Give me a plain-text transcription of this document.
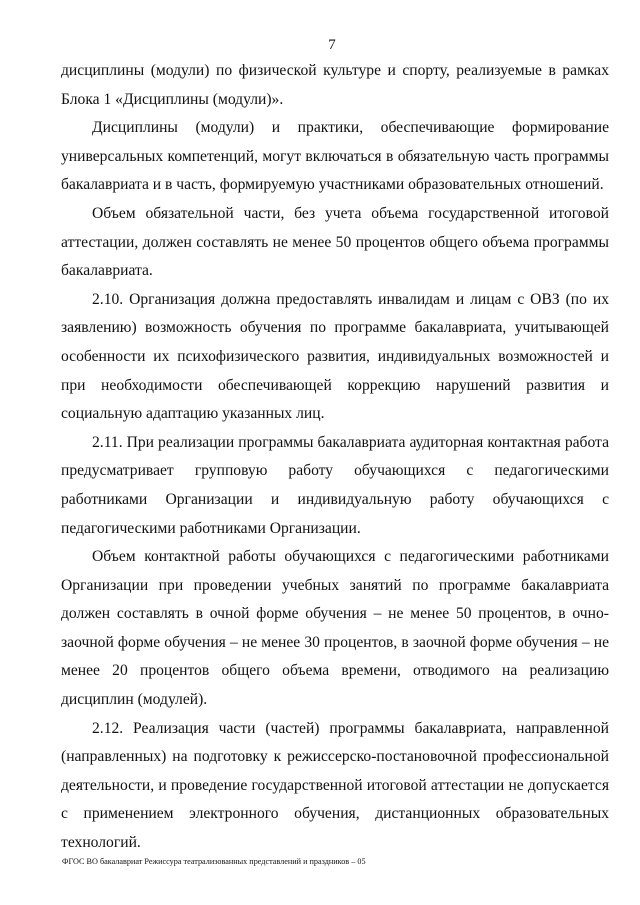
7

дисциплины (модули) по физической культуре и спорту, реализуемые в рамках Блока 1 «Дисциплины (модули)».

Дисциплины (модули) и практики, обеспечивающие формирование универсальных компетенций, могут включаться в обязательную часть программы бакалавриата и в часть, формируемую участниками образовательных отношений.

Объем обязательной части, без учета объема государственной итоговой аттестации, должен составлять не менее 50 процентов общего объема программы бакалавриата.

2.10. Организация должна предоставлять инвалидам и лицам с ОВЗ (по их заявлению) возможность обучения по программе бакалавриата, учитывающей особенности их психофизического развития, индивидуальных возможностей и при необходимости обеспечивающей коррекцию нарушений развития и социальную адаптацию указанных лиц.

2.11. При реализации программы бакалавриата аудиторная контактная работа предусматривает групповую работу обучающихся с педагогическими работниками Организации и индивидуальную работу обучающихся с педагогическими работниками Организации.

Объем контактной работы обучающихся с педагогическими работниками Организации при проведении учебных занятий по программе бакалавриата должен составлять в очной форме обучения – не менее 50 процентов, в очно-заочной форме обучения – не менее 30 процентов, в заочной форме обучения – не менее 20 процентов общего объема времени, отводимого на реализацию дисциплин (модулей).

2.12. Реализация части (частей) программы бакалавриата, направленной (направленных) на подготовку к режиссерско-постановочной профессиональной деятельности, и проведение государственной итоговой аттестации не допускается с применением электронного обучения, дистанционных образовательных технологий.

ФГОС ВО бакалавриат Режиссура театрализованных представлений и праздников – 05
